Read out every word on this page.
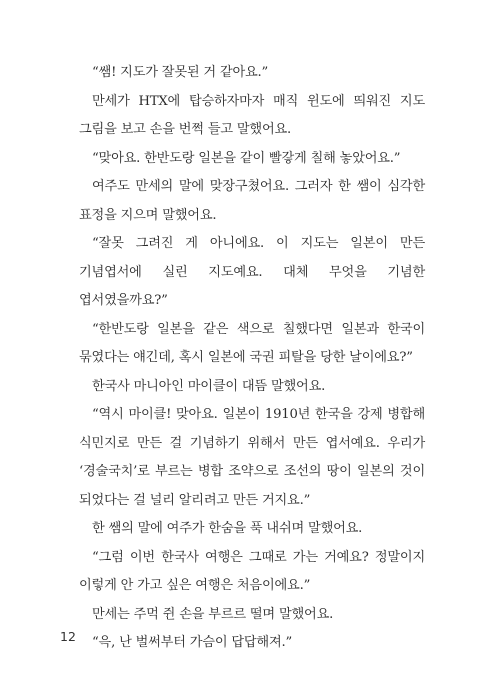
“쌤! 지도가 잘못된 거 같아요.”

만세가 HTX에 탑승하자마자 매직 윈도에 띄워진 지도 그림을 보고 손을 번쩍 들고 말했어요.

“맞아요. 한반도랑 일본을 같이 빨갛게 칠해 놓았어요.”

여주도 만세의 말에 맞장구쳤어요. 그러자 한 쌤이 심각한 표정을 지으며 말했어요.

“잘못 그려진 게 아니에요. 이 지도는 일본이 만든 기념엽서에 실린 지도예요. 대체 무엇을 기념한 엽서였을까요?”

“한반도랑 일본을 같은 색으로 칠했다면 일본과 한국이 묶였다는 얘긴데, 혹시 일본에 국권 피탈을 당한 날이에요?”

한국사 마니아인 마이클이 대뜸 말했어요.

“역시 마이클! 맞아요. 일본이 1910년 한국을 강제 병합해 식민지로 만든 걸 기념하기 위해서 만든 엽서예요. 우리가 ‘경술국치’로 부르는 병합 조약으로 조선의 땅이 일본의 것이 되었다는 걸 널리 알리려고 만든 거지요.”

한 쌤의 말에 여주가 한숨을 푹 내쉬며 말했어요.

“그럼 이번 한국사 여행은 그때로 가는 거예요? 정말이지 이렇게 안 가고 싶은 여행은 처음이에요.”

만세는 주먹 쥔 손을 부르르 떨며 말했어요.

“윽, 난 벌써부터 가슴이 답답해져.”

12
